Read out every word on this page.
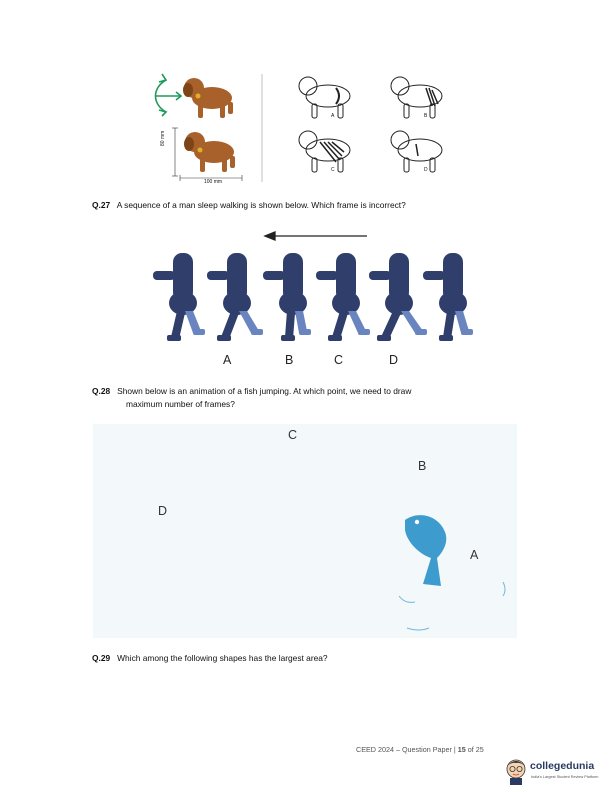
80 mm
100 mm
A	B
C	D
Q.27 A sequence of a man sleep walking is shown below. Which frame is incorrect?
A	B	C	D
Q.28 Shown below is an animation of a fish jumping. At which point, we need to draw
maximum number of frames?
C
B
A
D
Q.29 Which among the following shapes has the largest area?
CEED 2024 – Question Paper | 15 of 25
collegedunia
India's Largest Student Review Platform
